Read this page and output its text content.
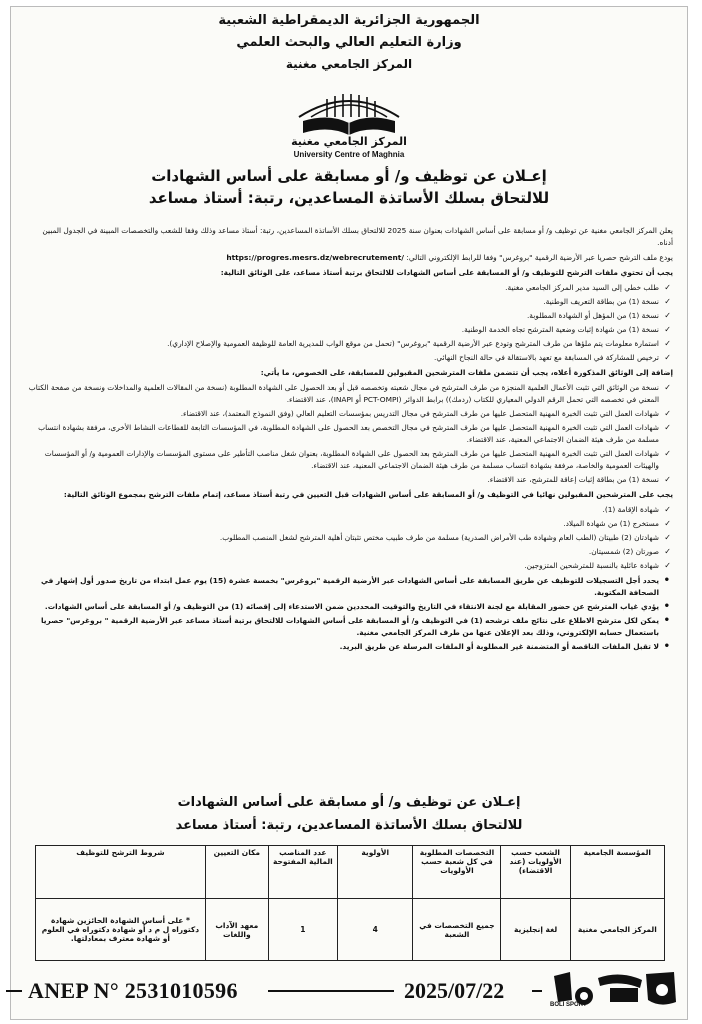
الجمهورية الجزائرية الديمقراطية الشعبية
وزارة التعليم العالي والبحث العلمي
المركز الجامعي مغنية
المركز الجامعي مغنية
University Centre of Maghnia
إعـلان عن توظيف و/ أو مسابقة على أساس الشهادات
للالتحاق بسلك الأساتذة المساعدين، رتبة: أستاذ مساعد

يعلن المركز الجامعي مغنية عن توظيف و/ أو مسابقة على أساس الشهادات بعنوان سنة 2025 للالتحاق بسلك الأساتذة المساعدين، رتبة: أستاذ مساعد وذلك وفقا للشعب والتخصصات المبينة في الجدول المبين أدناه.

يودع ملف الترشح حصريا عبر الأرضية الرقمية "بروغرس" وفقا للرابط الإلكتروني التالي: https://progres.mesrs.dz/webrecrutement/

يجب أن تحتوي ملفات الترشح للتوظيف و/ أو المسابقة على أساس الشهادات للالتحاق برتبة أستاذ مساعد، على الوثائق التالية:

✓ طلب خطي إلى السيد مدير المركز الجامعي مغنية.
✓ نسخة (1) من بطاقة التعريف الوطنية.
✓ نسخة (1) من المؤهل أو الشهادة المطلوبة.
✓ نسخة (1) من شهادة إثبات وضعية المترشح تجاه الخدمة الوطنية.
✓ استمارة معلومات يتم ملؤها من طرف المترشح وتودع عبر الأرضية الرقمية "بروغرس" (تحمل من موقع الواب للمديرية العامة للوظيفة العمومية والإصلاح الإداري).
✓ ترخيص للمشاركة في المسابقة مع تعهد بالاستقالة في حالة النجاح النهائي.

إضافة إلى الوثائق المذكورة أعلاه، يجب أن تتضمن ملفات المترشحين المقبولين للمسابقة، على الخصوص، ما يأتي:

✓ نسخة من الوثائق التي تثبت الأعمال العلمية المنجزة من طرف المترشح في مجال شعبته وتخصصه قبل أو بعد الحصول على الشهادة المطلوبة (نسخة من المقالات العلمية والمداخلات ونسخة من صفحة الكتاب المعني في تخصصه التي تحمل الرقم الدولي المعياري للكتاب (ردمك)) برابط الدوائر (PCT-OMPI أو INAPI)، عند الاقتضاء.
✓ شهادات العمل التي تثبت الخبرة المهنية المتحصل عليها من طرف المترشح في مجال التدريس بمؤسسات التعليم العالي (وفق النموذج المعتمد)، عند الاقتضاء.
✓ شهادات العمل التي تثبت الخبرة المهنية المتحصل عليها من طرف المترشح في مجال التخصص بعد الحصول على الشهادة المطلوبة، في المؤسسات التابعة للقطاعات النشاط الأخرى، مرفقة بشهادة انتساب مسلمة من طرف هيئة الضمان الاجتماعي المعنية، عند الاقتضاء.
✓ شهادات العمل التي تثبت الخبرة المهنية المتحصل عليها من طرف المترشح بعد الحصول على الشهادة المطلوبة، بعنوان شغل مناصب التأطير على مستوى المؤسسات والإدارات العمومية و/ أو المؤسسات والهيئات العمومية والخاصة، مرفقة بشهادة انتساب مسلمة من طرف هيئة الضمان الاجتماعي المعنية، عند الاقتضاء.
✓ نسخة (1) من بطاقة إثبات إعاقة للمترشح، عند الاقتضاء.

يجب على المترشحين المقبولين نهائيا في التوظيف و/ أو المسابقة على أساس الشهادات قبل التعيين في رتبة أستاذ مساعد، إتمام ملفات الترشح بمجموع الوثائق التالية:

✓ شهادة الإقامة (1).
✓ مستخرج (1) من شهادة الميلاد.
✓ شهادتان (2) طبيتان (الطب العام وشهادة طب الأمراض الصدرية) مسلمة من طرف طبيب مختص تثبتان أهلية المترشح لشغل المنصب المطلوب.
✓ صورتان (2) شمسيتان.
✓ شهادة عائلية بالنسبة للمترشحين المتزوجين.
• يحدد أجل التسجيلات للتوظيف عن طريق المسابقة على أساس الشهادات عبر الأرضية الرقمية "بروغرس" بخمسة عشرة (15) يوم عمل ابتداء من تاريخ صدور أول إشهار في الصحافة المكتوبة.
• يؤدي غياب المترشح عن حضور المقابلة مع لجنة الانتقاء في التاريخ والتوقيت المحددين ضمن الاستدعاء إلى إقصائه (1) من التوظيف و/ أو المسابقة على أساس الشهادات.
• يمكن لكل مترشح الاطلاع على نتائج ملف ترشحه (1) في التوظيف و/ أو المسابقة على أساس الشهادات للالتحاق برتبة أستاذ مساعد عبر الأرضية الرقمية " بروغرس" حصريا باستعمال حسابه الإلكتروني، وذلك بعد الإعلان عنها من طرف المركز الجامعي مغنية.
• لا تقبل الملفات الناقصة أو المتضمنة غير المطلوبة أو الملفات المرسلة عن طريق البريد.
إعـلان عن توظيف و/ أو مسابقة على أساس الشهادات
للالتحاق بسلك الأساتذة المساعدين، رتبة: أستاذ مساعد
المؤسسة الجامعية	الشعب حسب الأولويات (عند الاقتضاء)	التخصصات المطلوبة في كل شعبة حسب الأولويات	الأولوية	عدد المناصب المالية المفتوحة	مكان التعيين	شروط الترشح للتوظيف
المركز الجامعي مغنية	لغة إنجليزية	جميع التخصصات في الشعبة	4	1	معهد الآداب واللغات	* على أساس الشهادة الحائزين شهادة دكتوراه ل م د أو شهادة دكتوراه في العلوم أو شهادة معترف بمعادلتها.
ANEP N° 2531010596	2025/07/22
BOLI SPORT
